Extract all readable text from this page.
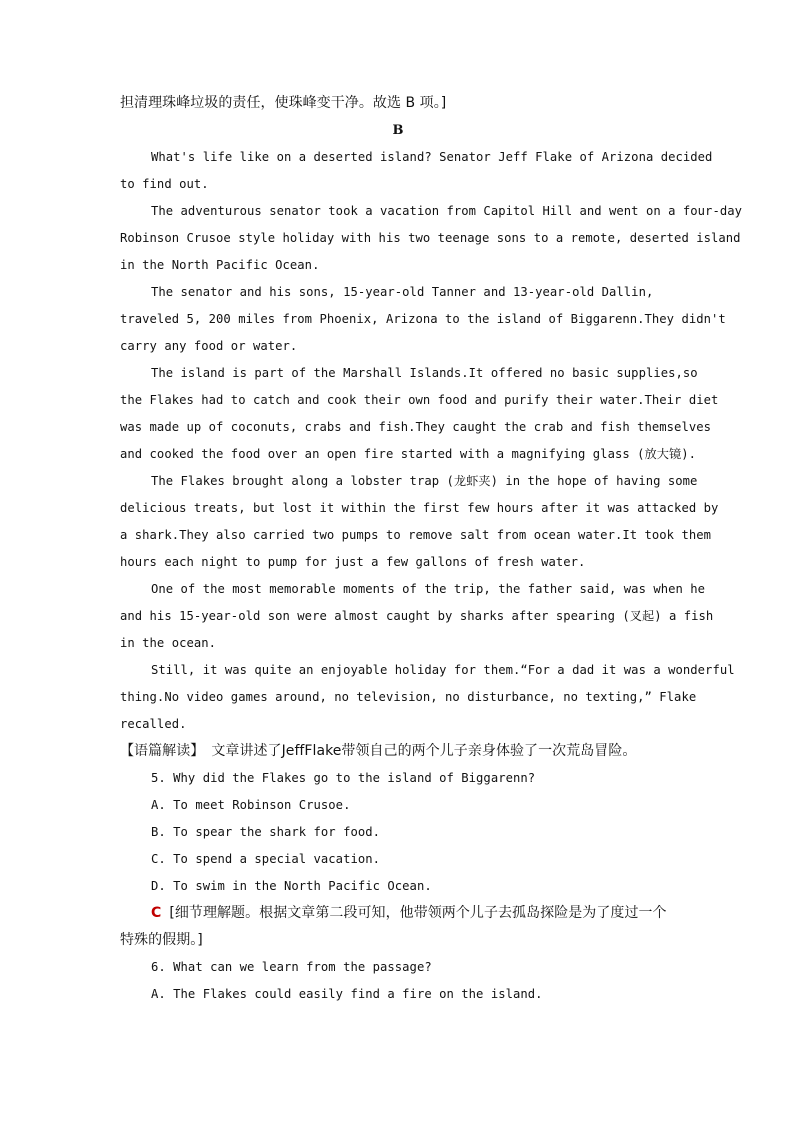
担清理珠峰垃圾的责任，使珠峰变干净。故选 B 项。]
B
What's life like on a deserted island? Senator Jeff Flake of Arizona decided
to find out.
The adventurous senator took a vacation from Capitol Hill and went on a four-day
Robinson Crusoe style holiday with his two teenage sons to a remote, deserted island
in the North Pacific Ocean.
The senator and his sons, 15-year-old Tanner and 13-year-old Dallin,
traveled 5, 200 miles from Phoenix, Arizona to the island of Biggarenn.They didn't
carry any food or water.
The island is part of the Marshall Islands.It offered no basic supplies,so
the Flakes had to catch and cook their own food and purify their water.Their diet
was made up of coconuts, crabs and fish.They caught the crab and fish themselves
and cooked the food over an open fire started with a magnifying glass (放大镜).
The Flakes brought along a lobster trap (龙虾夹) in the hope of having some
delicious treats, but lost it within the first few hours after it was attacked by
a shark.They also carried two pumps to remove salt from ocean water.It took them
hours each night to pump for just a few gallons of fresh water.
One of the most memorable moments of the trip, the father said, was when he
and his 15-year-old son were almost caught by sharks after spearing (叉起) a fish
in the ocean.
Still, it was quite an enjoyable holiday for them.“For a dad it was a wonderful
thing.No video games around, no television, no disturbance, no texting,” Flake
recalled.
【语篇解读】　文章讲述了JeffFlake带领自己的两个儿子亲身体验了一次荒岛冒险。
5. Why did the Flakes go to the island of Biggarenn?
A. To meet Robinson Crusoe.
B. To spear the shark for food.
C. To spend a special vacation.
D. To swim in the North Pacific Ocean.
C [细节理解题。根据文章第二段可知，他带领两个儿子去孤岛探险是为了度过一个
特殊的假期。]
6. What can we learn from the passage?
A. The Flakes could easily find a fire on the island.
